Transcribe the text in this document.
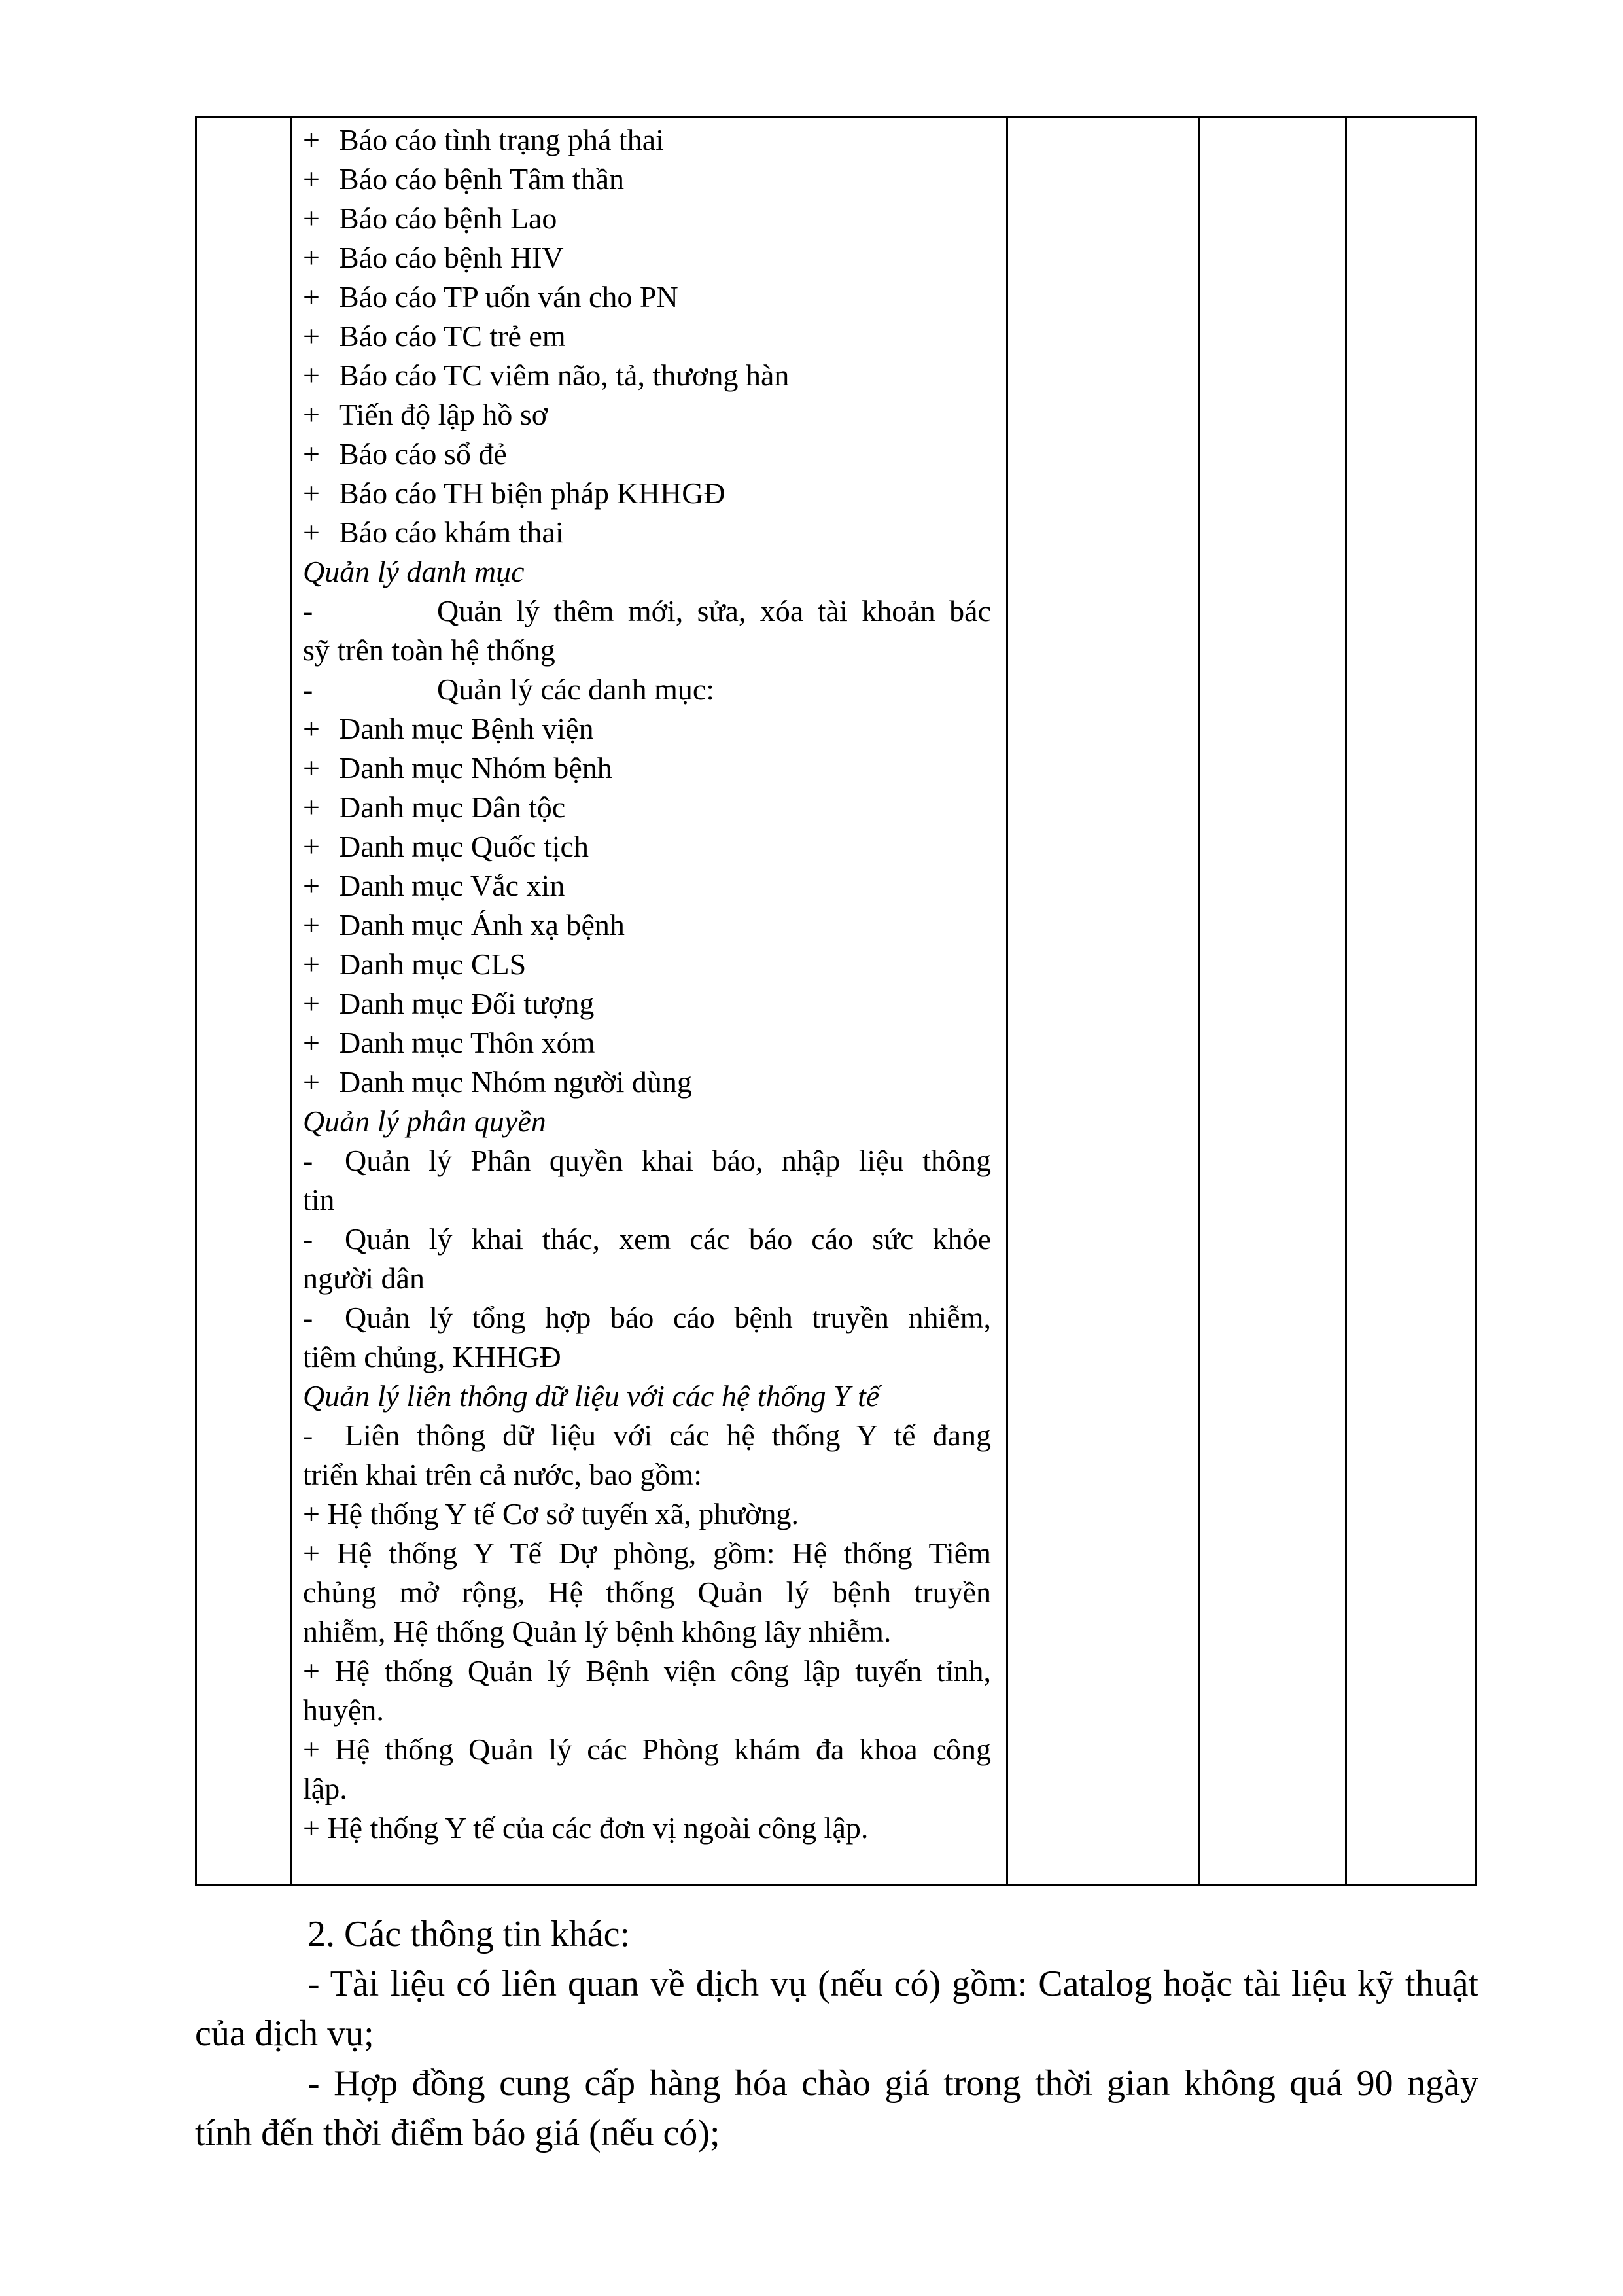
+ Báo cáo tình trạng phá thai
+ Báo cáo bệnh Tâm thần
+ Báo cáo bệnh Lao
+ Báo cáo bệnh HIV
+ Báo cáo TP uốn ván cho PN
+ Báo cáo TC trẻ em
+ Báo cáo TC viêm não, tả, thương hàn
+ Tiến độ lập hồ sơ
+ Báo cáo sổ đẻ
+ Báo cáo TH biện pháp KHHGĐ
+ Báo cáo khám thai
Quản lý danh mục
-	Quản lý thêm mới, sửa, xóa tài khoản bác
sỹ trên toàn hệ thống
-	Quản lý các danh mục:
+ Danh mục Bệnh viện
+ Danh mục Nhóm bệnh
+ Danh mục Dân tộc
+ Danh mục Quốc tịch
+ Danh mục Vắc xin
+ Danh mục Ánh xạ bệnh
+ Danh mục CLS
+ Danh mục Đối tượng
+ Danh mục Thôn xóm
+ Danh mục Nhóm người dùng
Quản lý phân quyền
- Quản lý Phân quyền khai báo, nhập liệu thông
tin
- Quản lý khai thác, xem các báo cáo sức khỏe
người dân
- Quản lý tổng hợp báo cáo bệnh truyền nhiễm,
tiêm chủng, KHHGĐ
Quản lý liên thông dữ liệu với các hệ thống Y tế
- Liên thông dữ liệu với các hệ thống Y tế đang
triển khai trên cả nước, bao gồm:
+ Hệ thống Y tế Cơ sở tuyến xã, phường.
+ Hệ thống Y Tế Dự phòng, gồm: Hệ thống Tiêm
chủng mở rộng, Hệ thống Quản lý bệnh truyền
nhiễm, Hệ thống Quản lý bệnh không lây nhiễm.
+ Hệ thống Quản lý Bệnh viện công lập tuyến tỉnh,
huyện.
+ Hệ thống Quản lý các Phòng khám đa khoa công
lập.
+ Hệ thống Y tế của các đơn vị ngoài công lập.
2. Các thông tin khác:
- Tài liệu có liên quan về dịch vụ (nếu có) gồm: Catalog hoặc tài liệu kỹ thuật
của dịch vụ;
- Hợp đồng cung cấp hàng hóa chào giá trong thời gian không quá 90 ngày
tính đến thời điểm báo giá (nếu có);
